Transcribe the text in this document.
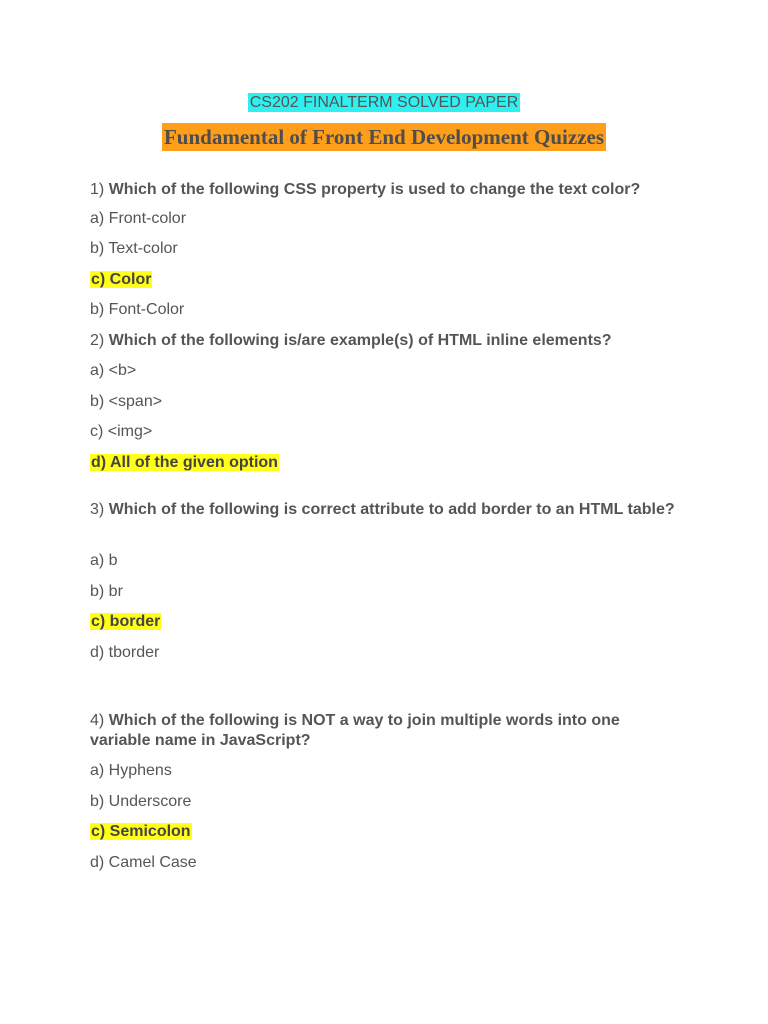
CS202 FINALTERM SOLVED PAPER
Fundamental of Front End Development Quizzes
1) Which of the following CSS property is used to change the text color?
a) Front-color
b) Text-color
c) Color
b) Font-Color
2) Which of the following is/are example(s) of HTML inline elements?
a) <b>
b) <span>
c) <img>
d) All of the given option
3) Which of the following is correct attribute to add border to an HTML table?
a) b
b) br
c) border
d) tborder
4) Which of the following is NOT a way to join multiple words into one variable name in JavaScript?
a) Hyphens
b) Underscore
c) Semicolon
d) Camel Case
